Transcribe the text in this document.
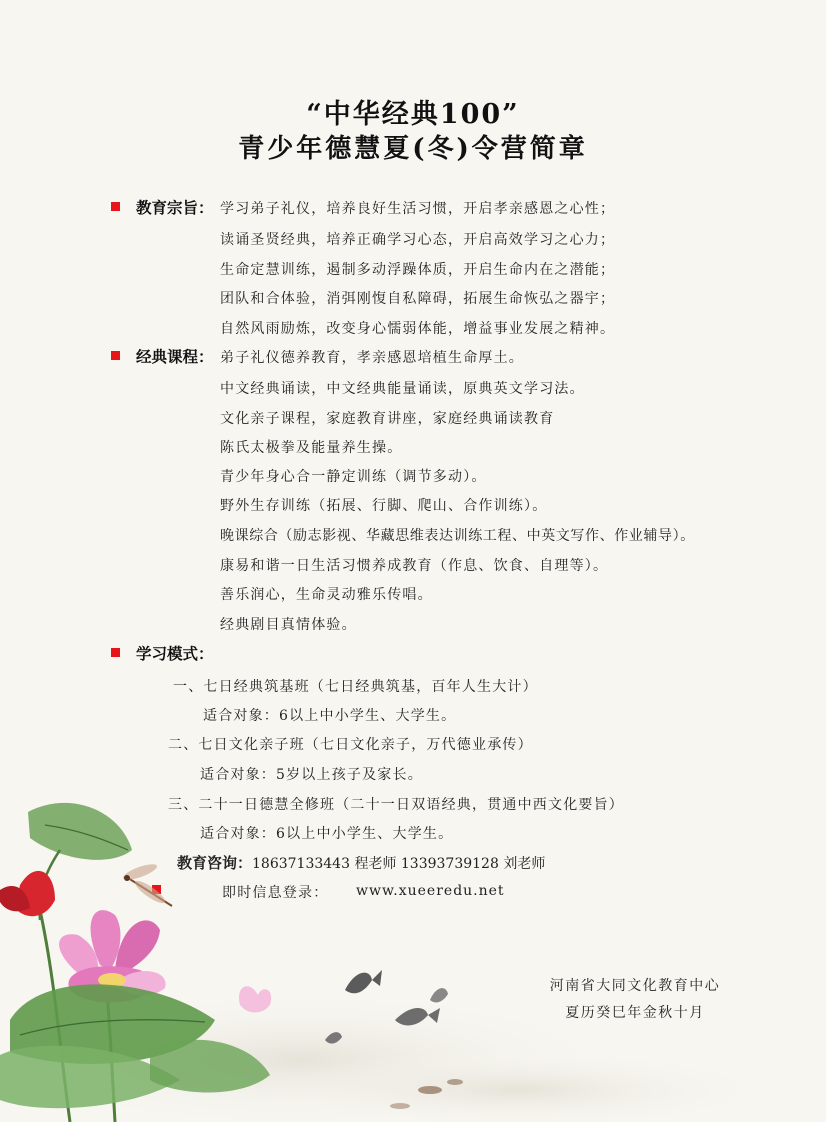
“中华经典100”
青少年德慧夏(冬)令营简章
教育宗旨： 学习弟子礼仪，培养良好生活习惯，开启孝亲感恩之心性；
读诵圣贤经典，培养正确学习心态，开启高效学习之心力；
生命定慧训练，遏制多动浮躁体质，开启生命内在之潜能；
团队和合体验，消弭刚愎自私障碍，拓展生命恢弘之器宇；
自然风雨励炼，改变身心懦弱体能，增益事业发展之精神。
经典课程： 弟子礼仪德养教育，孝亲感恩培植生命厚土。
中文经典诵读，中文经典能量诵读，原典英文学习法。
文化亲子课程，家庭教育讲座，家庭经典诵读教育
陈氏太极拳及能量养生操。
青少年身心合一静定训练（调节多动）。
野外生存训练（拓展、行脚、爬山、合作训练）。
晚课综合（励志影视、华藏思维表达训练工程、中英文写作、作业辅导）。
康易和谐一日生活习惯养成教育（作息、饮食、自理等）。
善乐润心，生命灵动雅乐传唱。
经典剧目真情体验。
学习模式：
一、七日经典筑基班（七日经典筑基，百年人生大计）
适合对象：6以上中小学生、大学生。
二、七日文化亲子班（七日文化亲子，万代德业承传）
适合对象：5岁以上孩子及家长。
三、二十一日德慧全修班（二十一日双语经典，贯通中西文化要旨）
适合对象：6以上中小学生、大学生。
教育咨询：18637133443 程老师 13393739128 刘老师
即时信息登录： www.xueeredu.net
河南省大同文化教育中心
夏历癸巳年金秋十月
